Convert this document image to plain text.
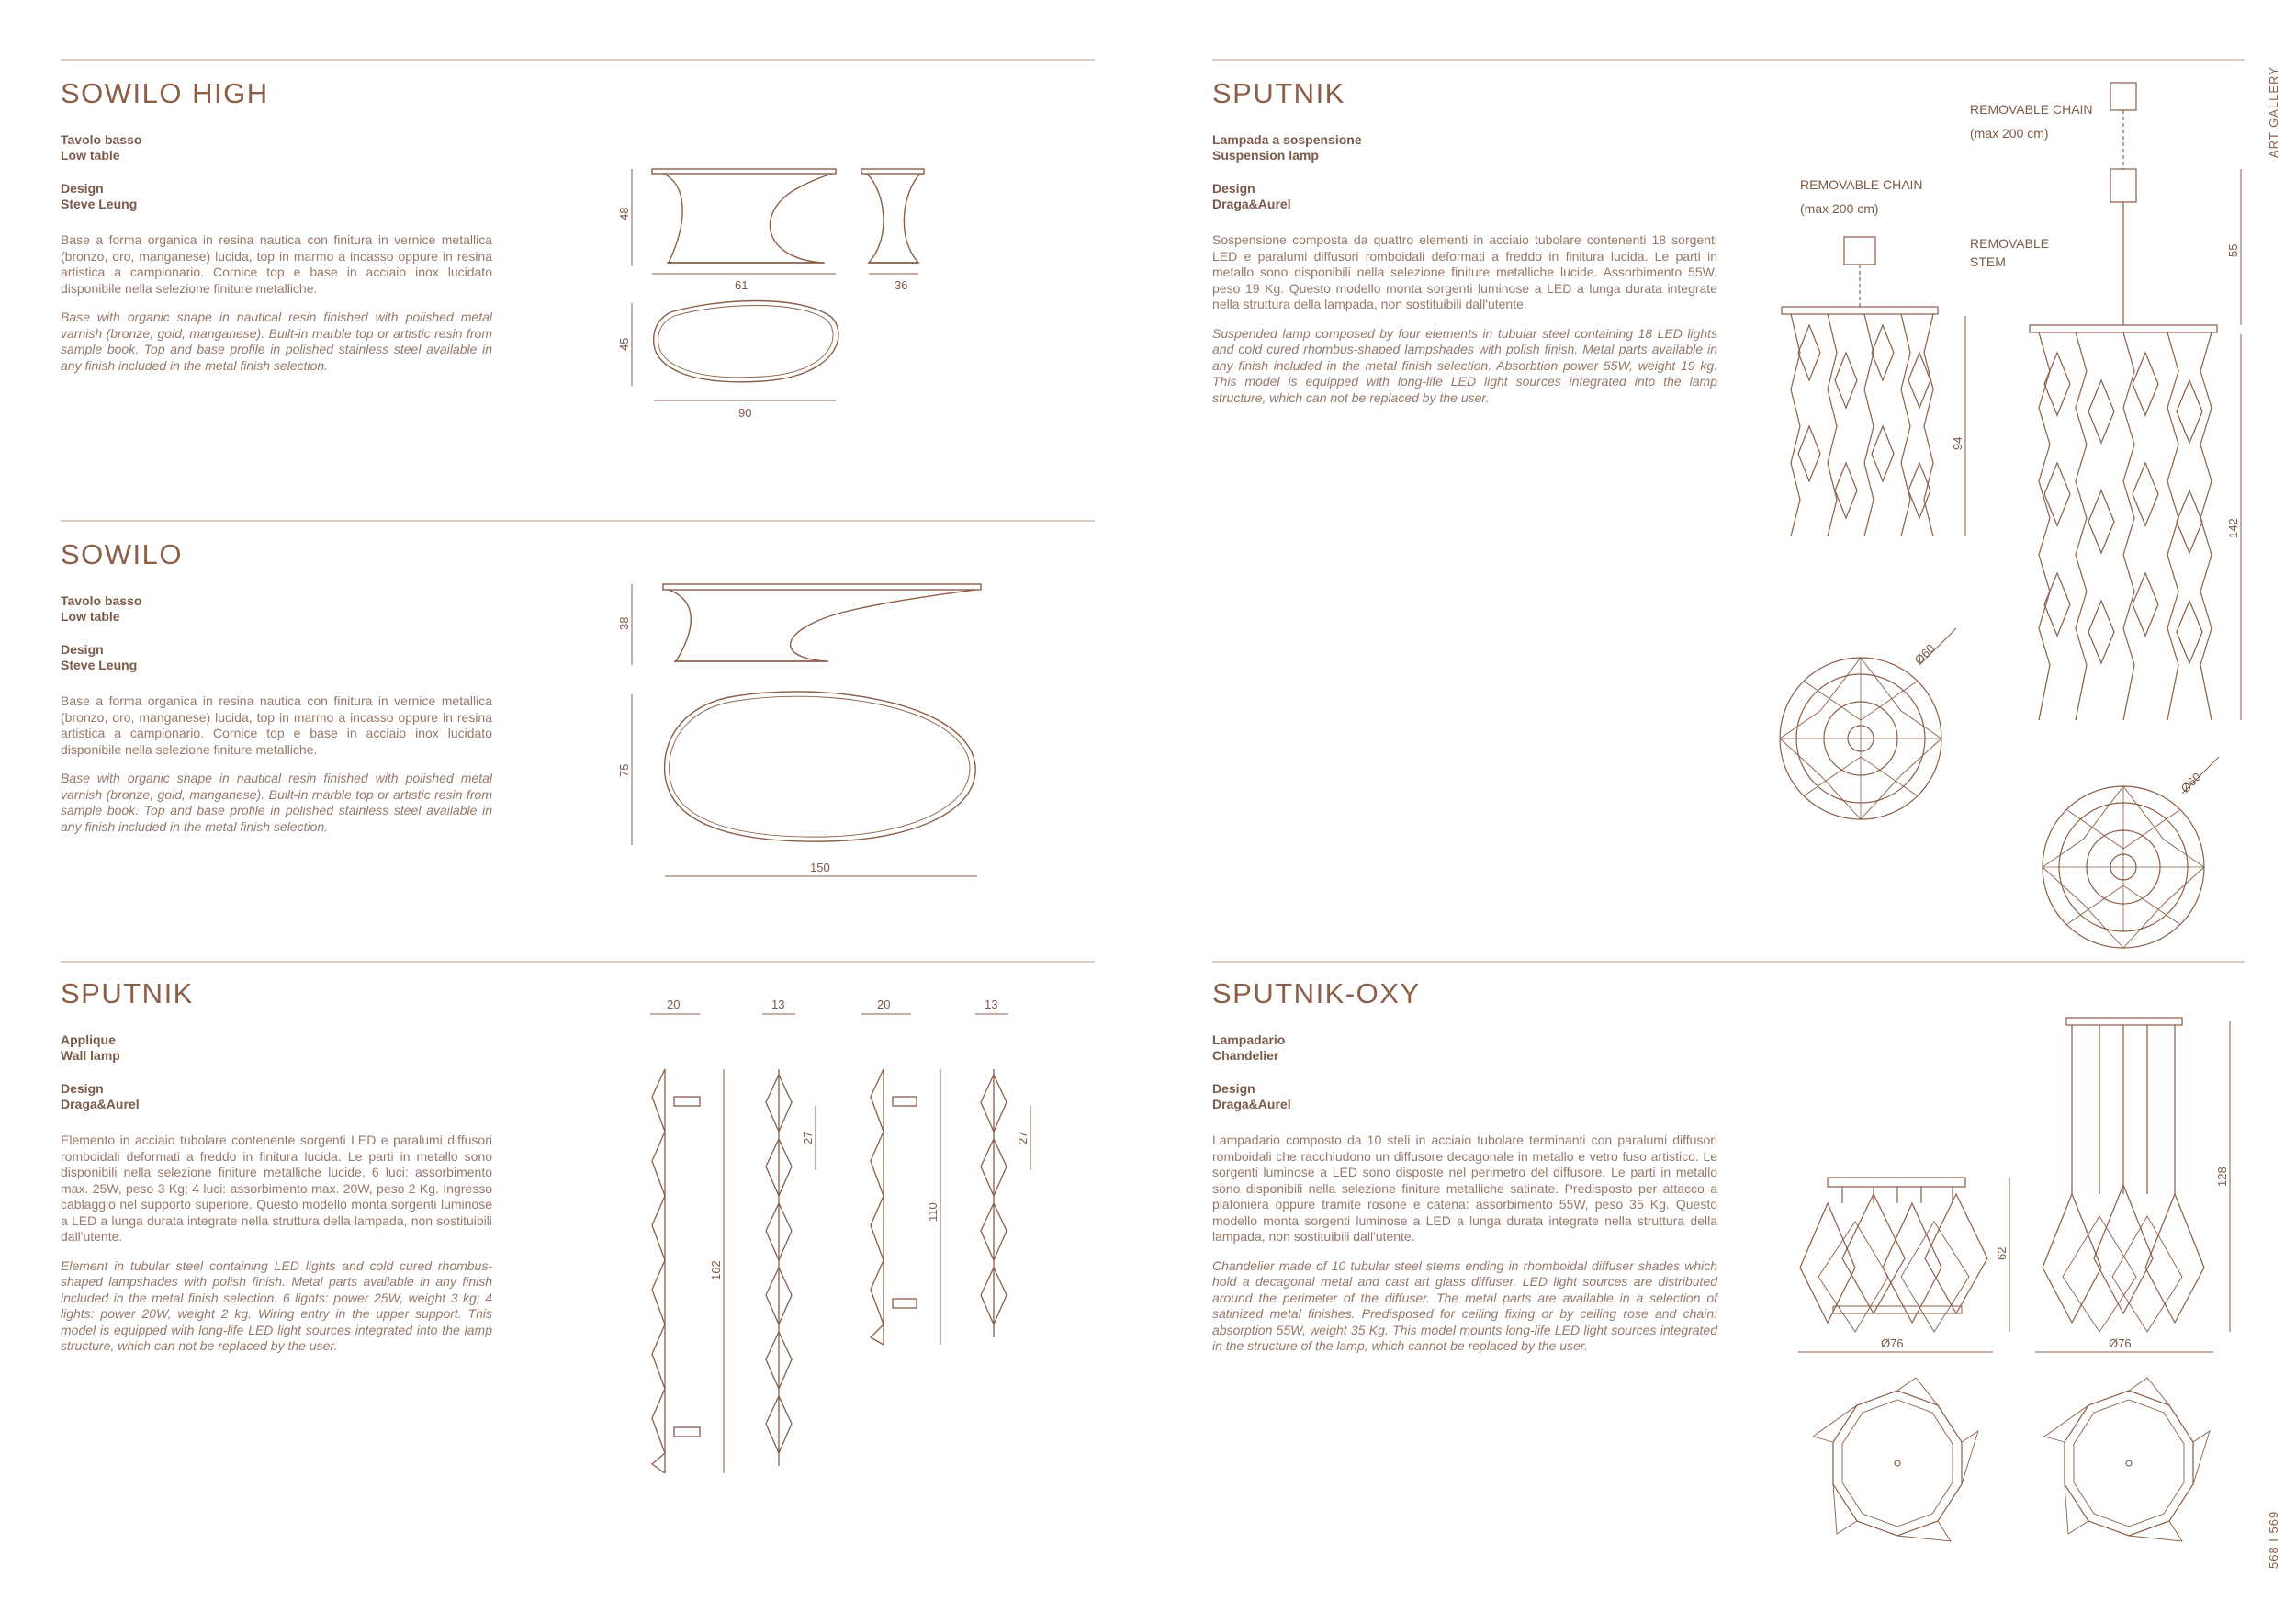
ART GALLERY
568 I 569
SOWILO HIGH
Tavolo basso
Low table
Design
Steve Leung
Base a forma organica in resina nautica con finitura in vernice metallica (bronzo, oro, manganese) lucida, top in marmo a incasso oppure in resina artistica a campionario. Cornice top e base in acciaio inox lucidato disponibile nella selezione finiture metalliche.
Base with organic shape in nautical resin finished with polished metal varnish (bronze, gold, manganese). Built-in marble top or artistic resin from sample book. Top and base profile in polished stainless steel available in any finish included in the metal finish selection.
48
61	36
45
90
SOWILO
Tavolo basso
Low table
Design
Steve Leung
Base a forma organica in resina nautica con finitura in vernice metallica (bronzo, oro, manganese) lucida, top in marmo a incasso oppure in resina artistica a campionario. Cornice top e base in acciaio inox lucidato disponibile nella selezione finiture metalliche.
Base with organic shape in nautical resin finished with polished metal varnish (bronze, gold, manganese). Built-in marble top or artistic resin from sample book. Top and base profile in polished stainless steel available in any finish included in the metal finish selection.
38
75
150
SPUTNIK
Applique
Wall lamp
Design
Draga&Aurel
Elemento in acciaio tubolare contenente sorgenti LED e paralumi diffusori romboidali deformati a freddo in finitura lucida. Le parti in metallo sono disponibili nella selezione finiture metalliche lucide. 6 luci: assorbimento max. 25W, peso 3 Kg; 4 luci: assorbimento max. 20W, peso 2 Kg. Ingresso cablaggio nel supporto superiore. Questo modello monta sorgenti luminose a LED a lunga durata integrate nella struttura della lampada, non sostituibili dall'utente.
Element in tubular steel containing LED lights and cold cured rhombus-shaped lampshades with polish finish. Metal parts available in any finish included in the metal finish selection. 6 lights: power 25W, weight 3 kg; 4 lights: power 20W, weight 2 kg. Wiring entry in the upper support. This model is equipped with long-life LED light sources integrated into the lamp structure, which can not be replaced by the user.
20	13	20	13
162
27
110
27
SPUTNIK
Lampada a sospensione
Suspension lamp
Design
Draga&Aurel
Sospensione composta da quattro elementi in acciaio tubolare contenenti 18 sorgenti LED e paralumi diffusori romboidali deformati a freddo in finitura lucida. Le parti in metallo sono disponibili nella selezione finiture metalliche lucide. Assorbimento 55W, peso 19 Kg. Questo modello monta sorgenti luminose a LED a lunga durata integrate nella struttura della lampada, non sostituibili dall'utente.
Suspended lamp composed by four elements in tubular steel containing 18 LED lights and cold cured rhombus-shaped lampshades with polish finish. Metal parts available in any finish included in the metal finish selection. Absorbtion power 55W, weight 19 kg. This model is equipped with long-life LED light sources integrated into the lamp structure, which can not be replaced by the user.
REMOVABLE CHAIN
(max 200 cm)
REMOVABLE CHAIN
(max 200 cm)
REMOVABLE
STEM
94
55
142
Ø60
Ø60
SPUTNIK-OXY
Lampadario
Chandelier
Design
Draga&Aurel
Lampadario composto da 10 steli in acciaio tubolare terminanti con paralumi diffusori romboidali che racchiudono un diffusore decagonale in metallo e vetro fuso artistico. Le sorgenti luminose a LED sono disposte nel perimetro del diffusore. Le parti in metallo sono disponibili nella selezione finiture metalliche satinate. Predisposto per attacco a plafoniera oppure tramite rosone e catena: assorbimento 55W, peso 35 Kg. Questo modello monta sorgenti luminose a LED a lunga durata integrate nella struttura della lampada, non sostituibili dall'utente.
Chandelier made of 10 tubular steel stems ending in rhomboidal diffuser shades which hold a decagonal metal and cast art glass diffuser. LED light sources are distributed around the perimeter of the diffuser. The metal parts are available in a selection of satinized metal finishes. Predisposed for ceiling fixing or by ceiling rose and chain: absorption 55W, weight 35 Kg. This model mounts long-life LED light sources integrated in the structure of the lamp, which cannot be replaced by the user.
62
Ø76
128
Ø76
